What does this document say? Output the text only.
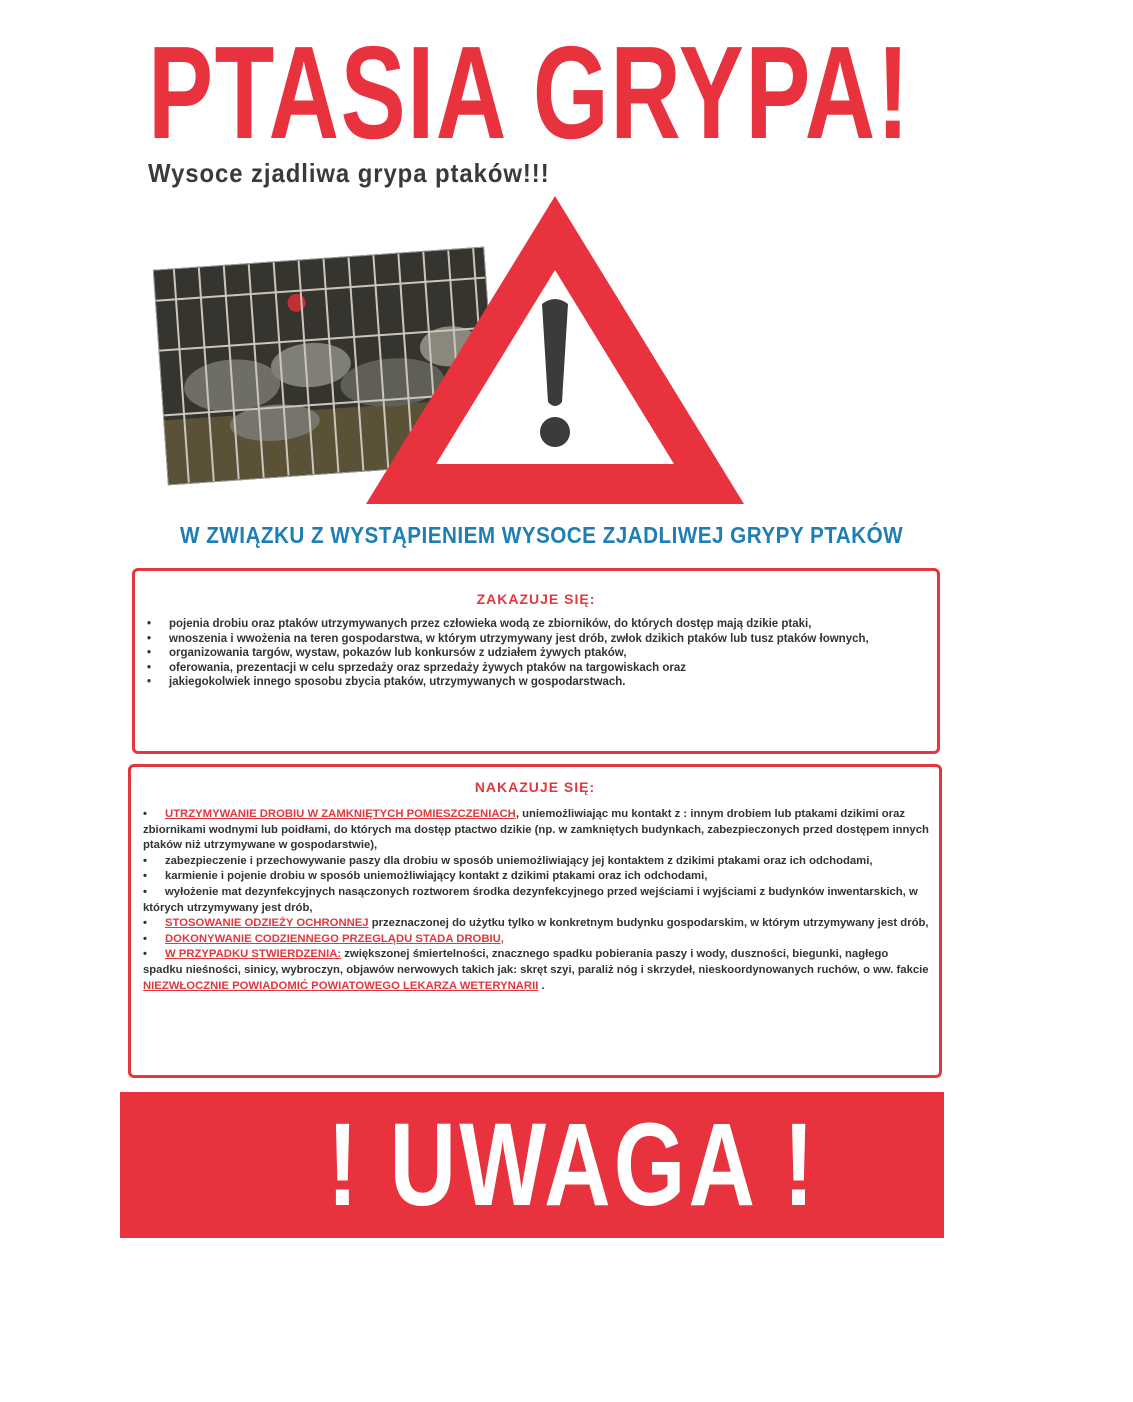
PTASIA GRYPA!
Wysoce zjadliwa grypa ptaków!!!
W ZWIĄZKU Z WYSTĄPIENIEM WYSOCE ZJADLIWEJ GRYPY PTAKÓW
ZAKAZUJE SIĘ:
• pojenia drobiu oraz ptaków utrzymywanych przez człowieka wodą ze zbiorników, do których dostęp mają dzikie ptaki,
• wnoszenia i wwożenia na teren gospodarstwa, w którym utrzymywany jest drób, zwłok dzikich ptaków lub tusz ptaków łownych,
• organizowania targów, wystaw, pokazów lub konkursów z udziałem żywych ptaków,
• oferowania, prezentacji w celu sprzedaży oraz sprzedaży żywych ptaków na targowiskach oraz
• jakiegokolwiek innego sposobu zbycia ptaków, utrzymywanych w gospodarstwach.
NAKAZUJE SIĘ:
• UTRZYMYWANIE DROBIU W ZAMKNIĘTYCH POMIESZCZENIACH, uniemożliwiając mu kontakt z : innym drobiem lub ptakami dzikimi oraz zbiornikami wodnymi lub poidłami, do których ma dostęp ptactwo dzikie (np. w zamkniętych budynkach, zabezpieczonych przed dostępem innych ptaków niż utrzymywane w gospodarstwie),
• zabezpieczenie i przechowywanie paszy dla drobiu w sposób uniemożliwiający jej kontaktem z dzikimi ptakami oraz ich odchodami,
• karmienie i pojenie drobiu w sposób uniemożliwiający kontakt z dzikimi ptakami oraz ich odchodami,
• wyłożenie mat dezynfekcyjnych nasączonych roztworem środka dezynfekcyjnego przed wejściami i wyjściami z budynków inwentarskich, w których utrzymywany jest drób,
• STOSOWANIE ODZIEŻY OCHRONNEJ przeznaczonej do użytku tylko w konkretnym budynku gospodarskim, w którym utrzymywany jest drób,
• DOKONYWANIE CODZIENNEGO PRZEGLĄDU STADA DROBIU,
• W PRZYPADKU STWIERDZENIA: zwiększonej śmiertelności, znacznego spadku pobierania paszy i wody, duszności, biegunki, nagłego spadku nieśności, sinicy, wybroczyn, objawów nerwowych takich jak: skręt szyi, paraliż nóg i skrzydeł, nieskoordynowanych ruchów, o ww. fakcie NIEZWŁOCZNIE POWIADOMIĆ POWIATOWEGO LEKARZA WETERYNARII .
! UWAGA !
